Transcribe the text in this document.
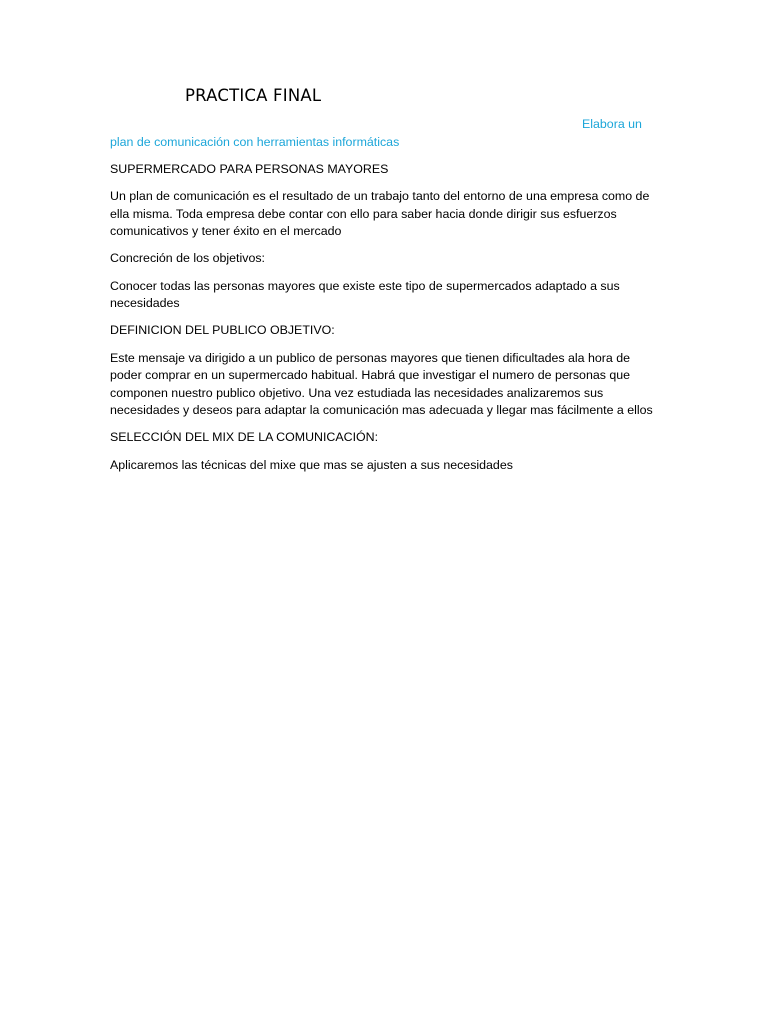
PRACTICA FINAL

Elabora un plan de comunicación con herramientas informáticas

SUPERMERCADO PARA PERSONAS MAYORES

Un plan de comunicación es el resultado de un trabajo tanto del entorno de una empresa como de ella misma. Toda empresa debe contar con ello para saber hacia donde dirigir sus esfuerzos comunicativos y tener éxito en el mercado

Concreción de los objetivos:

Conocer todas las personas mayores que existe este tipo de supermercados adaptado a sus necesidades

DEFINICION DEL PUBLICO OBJETIVO:

Este mensaje va dirigido a un publico de personas mayores que tienen dificultades ala hora de poder comprar en un supermercado habitual. Habrá que investigar el numero de personas que componen nuestro publico objetivo. Una vez estudiada las necesidades analizaremos sus necesidades y deseos para adaptar la comunicación mas adecuada y llegar mas fácilmente a ellos

SELECCIÓN DEL MIX DE LA COMUNICACIÓN:

Aplicaremos las técnicas del mixe que mas se ajusten a sus necesidades
